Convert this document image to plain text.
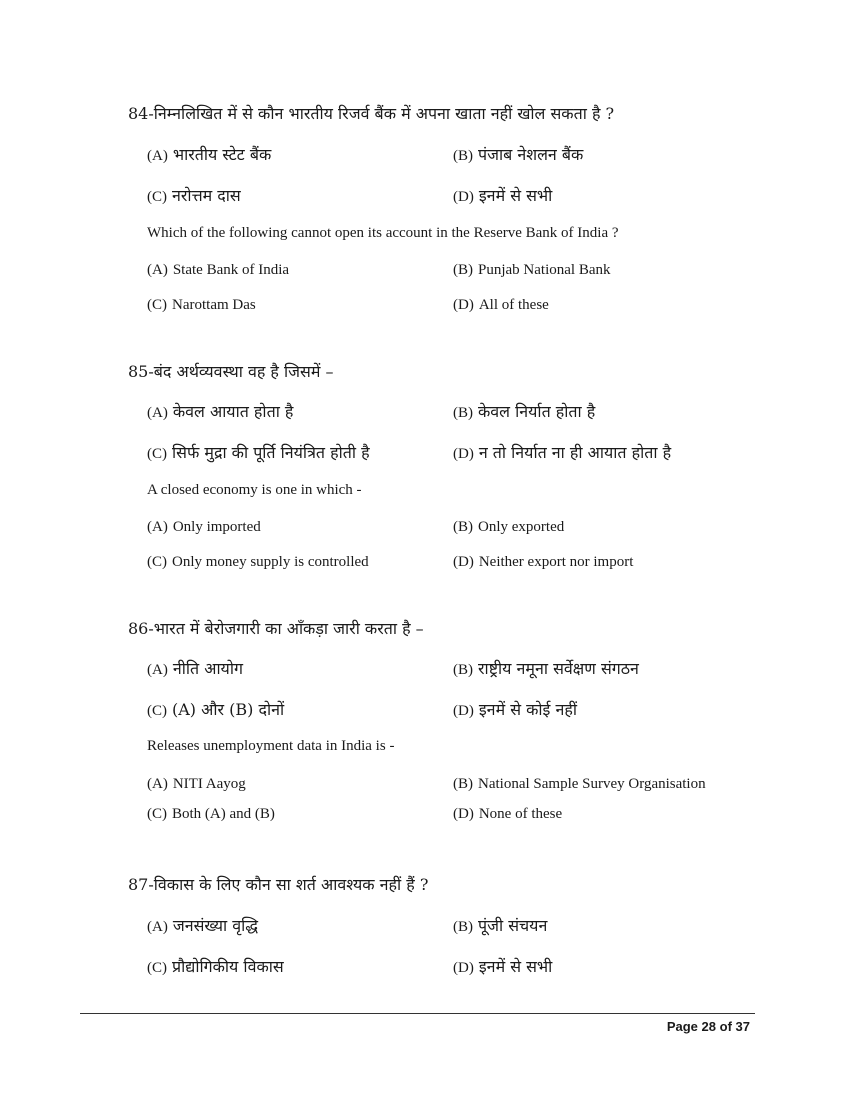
84-निम्नलिखित में से कौन भारतीय रिजर्व बैंक में अपना खाता नहीं खोल सकता है ?
(A) भारतीय स्टेट बैंक	(B) पंजाब नेशलन बैंक
(C) नरोत्तम दास	(D) इनमें से सभी
Which of the following cannot open its account in the Reserve Bank of India ?
(A) State Bank of India	(B) Punjab National Bank
(C) Narottam Das	(D) All of these
85-बंद अर्थव्यवस्था वह है जिसमें –
(A) केवल आयात होता है	(B) केवल निर्यात होता है
(C) सिर्फ मुद्रा की पूर्ति नियंत्रित होती है	(D) न तो निर्यात ना ही आयात होता है
A closed economy is one in which -
(A) Only imported	(B) Only exported
(C) Only money supply is controlled	(D) Neither export nor import
86-भारत में बेरोजगारी का आँकड़ा जारी करता है –
(A) नीति आयोग	(B) राष्ट्रीय नमूना सर्वेक्षण संगठन
(C) (A) और (B) दोनों	(D) इनमें से कोई नहीं
Releases unemployment data in India is -
(A) NITI Aayog	(B) National Sample Survey Organisation
(C) Both (A) and (B)	(D) None of these
87-विकास के लिए कौन सा शर्त आवश्यक नहीं हैं ?
(A) जनसंख्या वृद्धि	(B) पूंजी संचयन
(C) प्रौद्योगिकीय विकास	(D) इनमें से सभी
Page 28 of 37
